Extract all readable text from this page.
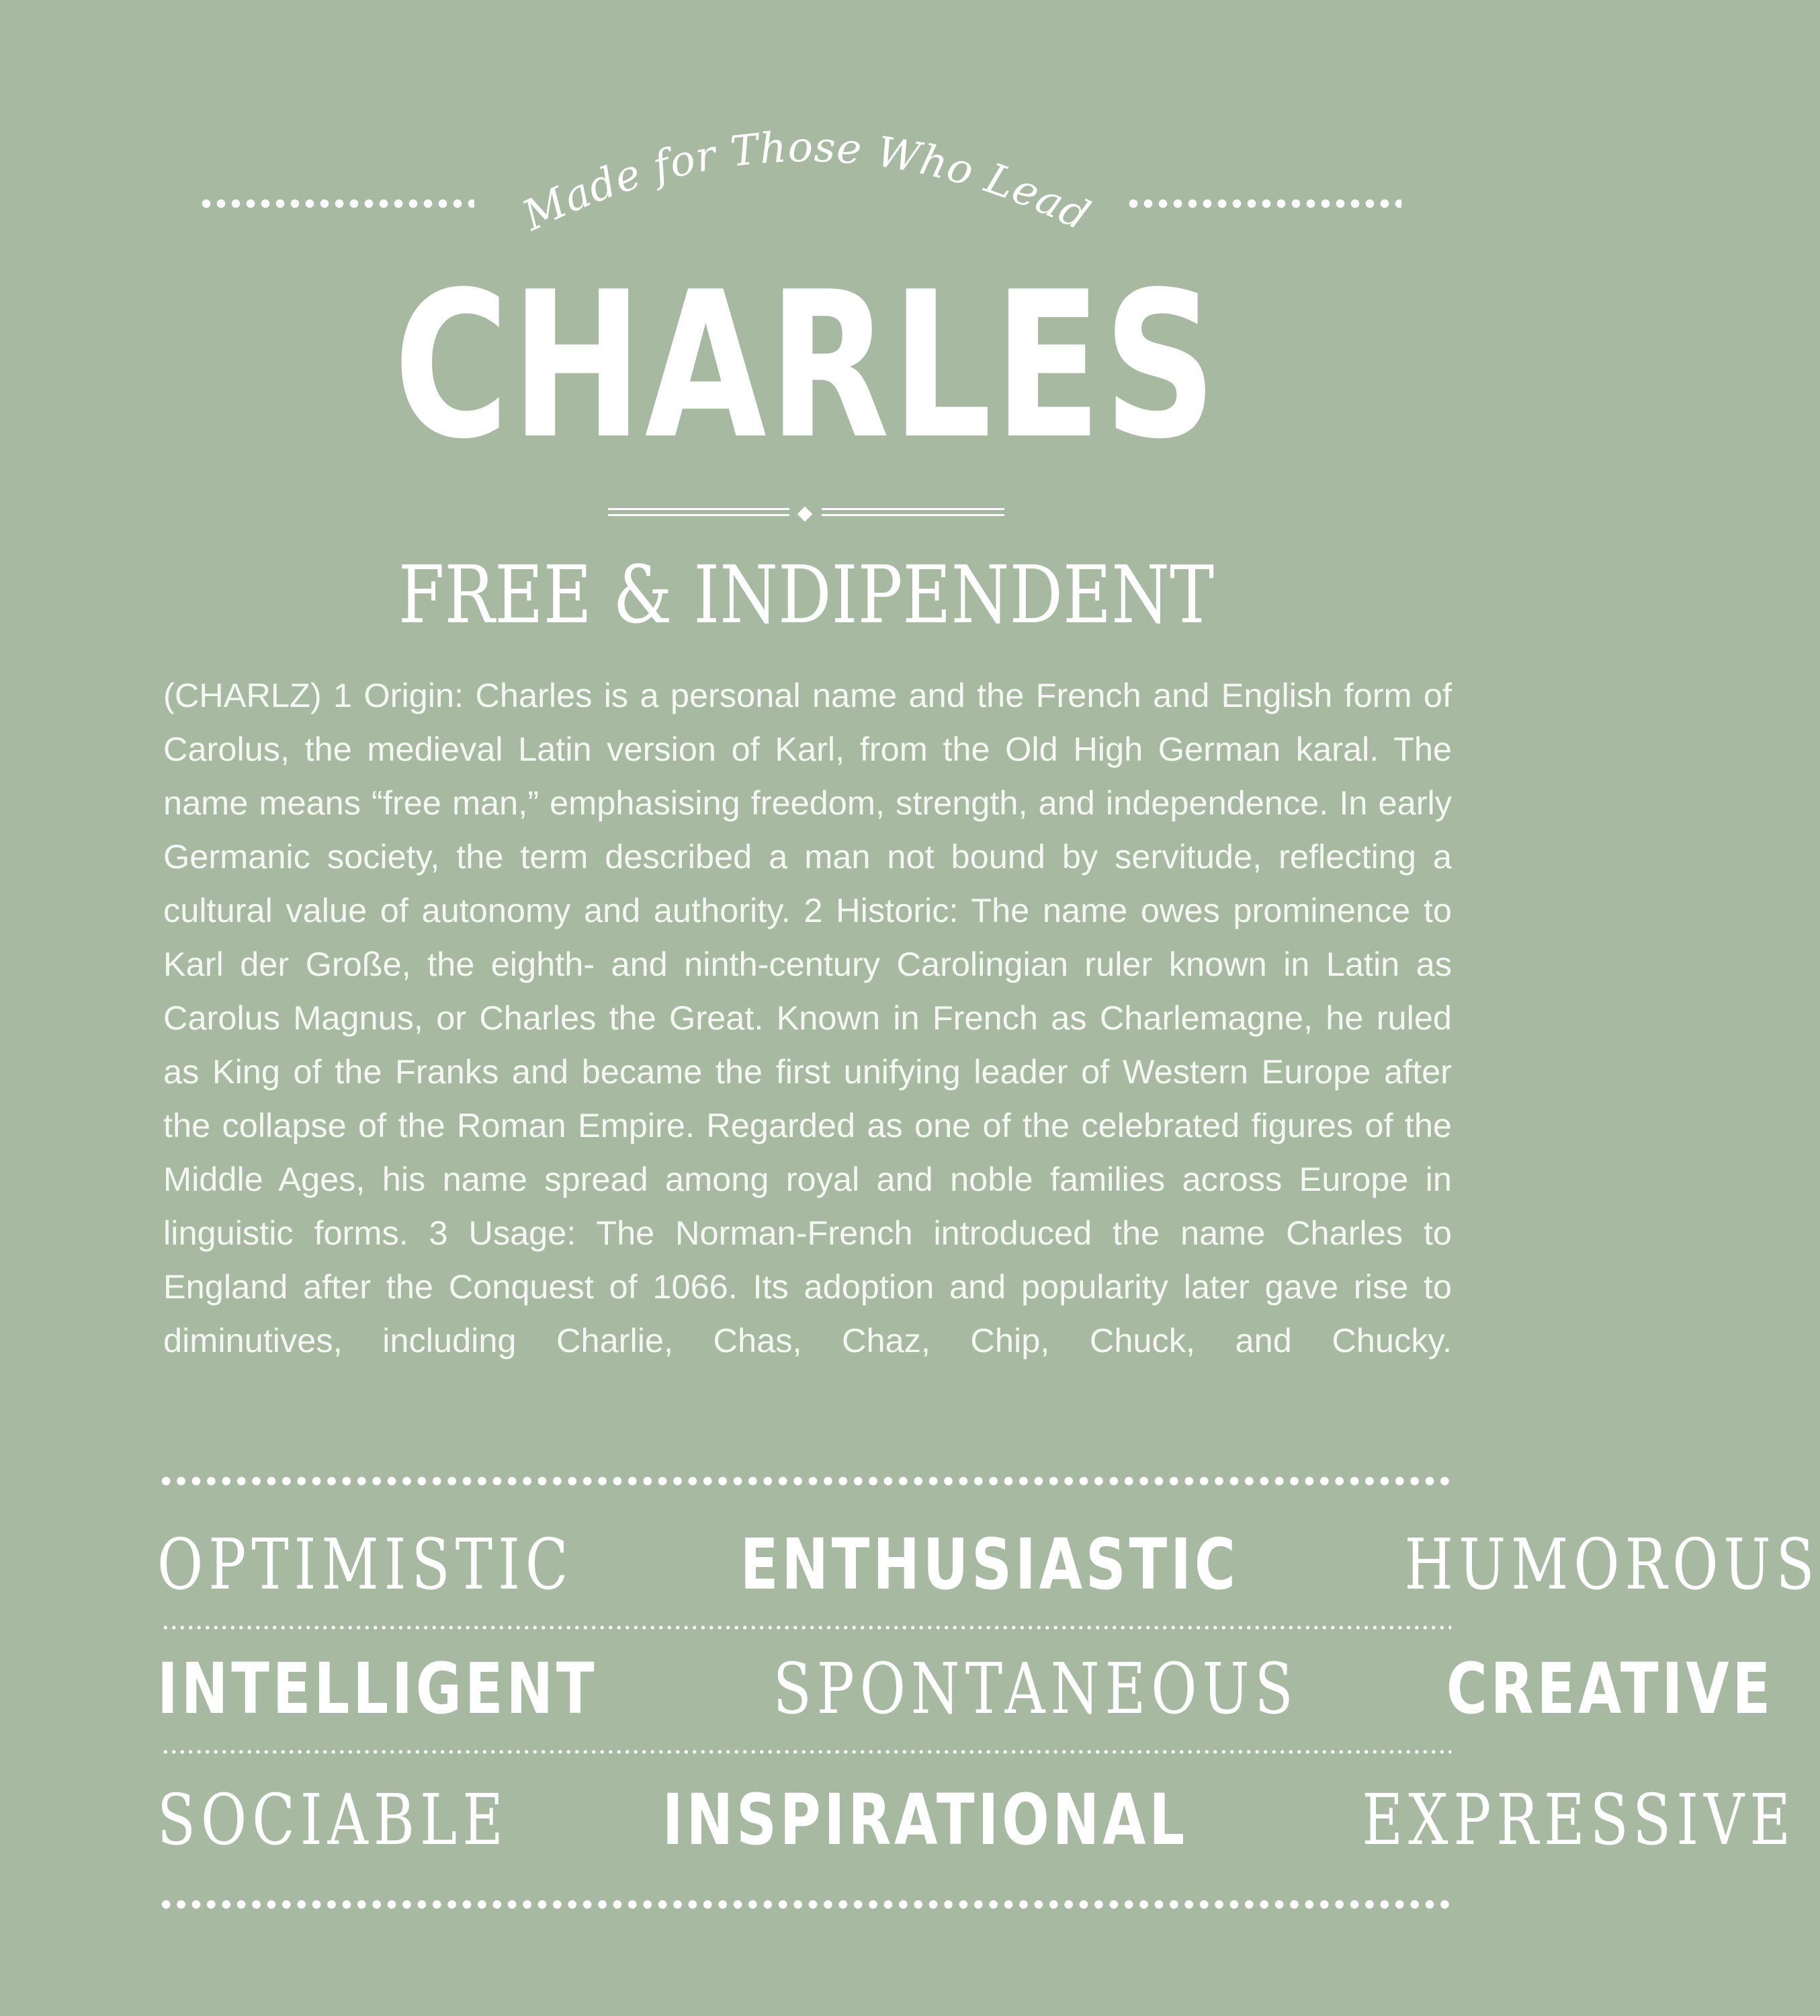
Made for Those Who Lead
CHARLES
FREE & INDIPENDENT
(CHARLZ) 1 Origin: Charles is a personal name and the French and English form of Carolus, the medieval Latin version of Karl, from the Old High German karal. The name means “free man,” emphasising freedom, strength, and independence. In early Germanic society, the term described a man not bound by servitude, reflecting a cultural value of autonomy and authority. 2 Historic: The name owes prominence to Karl der Große, the eighth- and ninth-century Carolingian ruler known in Latin as Carolus Magnus, or Charles the Great. Known in French as Charlemagne, he ruled as King of the Franks and became the first unifying leader of Western Europe after the collapse of the Roman Empire. Regarded as one of the celebrated figures of the Middle Ages, his name spread among royal and noble families across Europe in linguistic forms. 3 Usage: The Norman-French introduced the name Charles to England after the Conquest of 1066. Its adoption and popularity later gave rise to diminutives, including Charlie, Chas, Chaz, Chip, Chuck, and Chucky.
OPTIMISTIC ENTHUSIASTIC HUMOROUS
INTELLIGENT	SPONTANEOUS CREATIVE
SOCIABLE INSPIRATIONAL EXPRESSIVE
